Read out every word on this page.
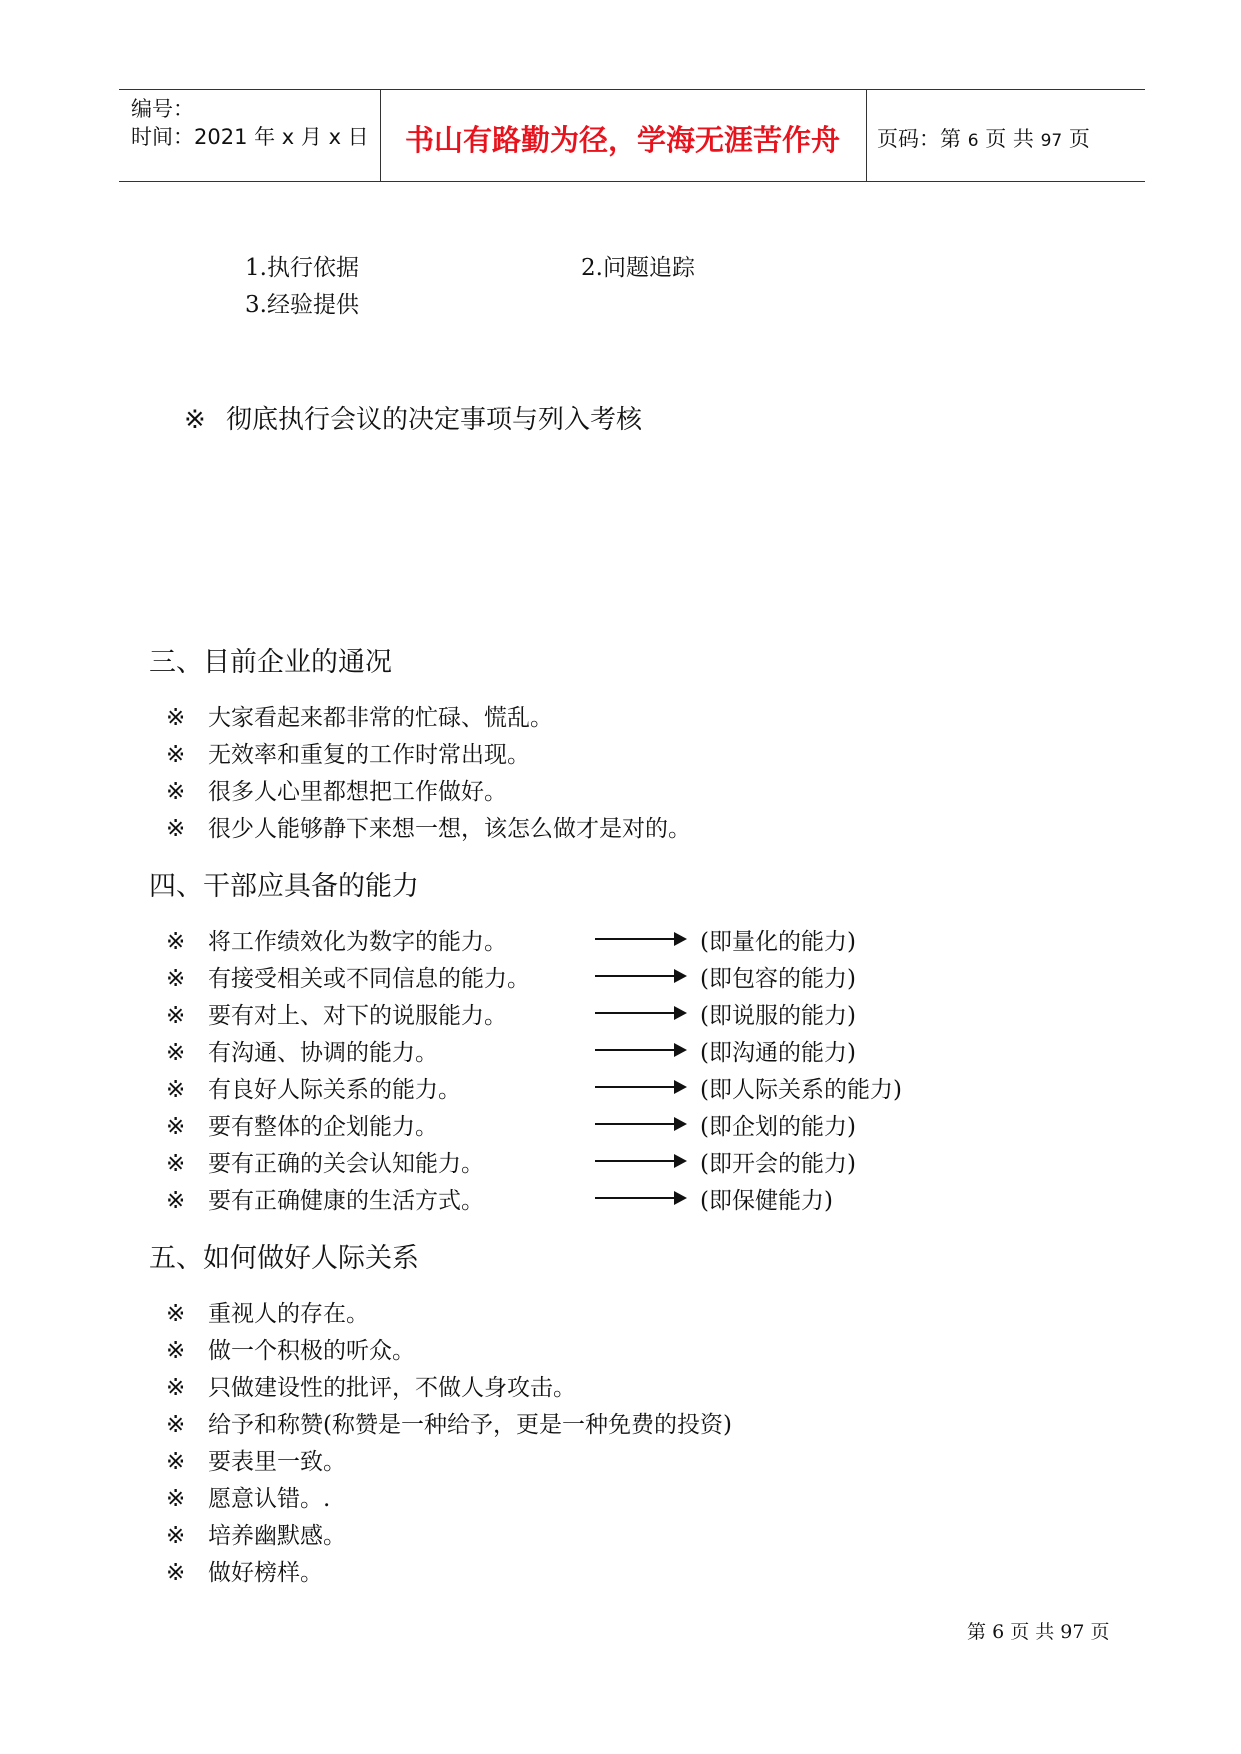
编号：
时间：2021 年 x 月 x 日 书山有路勤为径，学海无涯苦作舟 页码：第 6 页 共 97 页
1.执行依据	2.问题追踪
3.经验提供
※ 彻底执行会议的决定事项与列入考核
三、目前企业的通况
※ 大家看起来都非常的忙碌、慌乱。
※ 无效率和重复的工作时常出现。
※ 很多人心里都想把工作做好。
※ 很少人能够静下来想一想，该怎么做才是对的。
四、干部应具备的能力
※ 将工作绩效化为数字的能力。	(即量化的能力)
※ 有接受相关或不同信息的能力。	(即包容的能力)
※ 要有对上、对下的说服能力。	(即说服的能力)
※ 有沟通、协调的能力。	(即沟通的能力)
※ 有良好人际关系的能力。	(即人际关系的能力)
※ 要有整体的企划能力。	(即企划的能力)
※ 要有正确的关会认知能力。	(即开会的能力)
※ 要有正确健康的生活方式。	(即保健能力)
五、如何做好人际关系
※ 重视人的存在。
※ 做一个积极的听众。
※ 只做建设性的批评，不做人身攻击。
※ 给予和称赞(称赞是一种给予，更是一种免费的投资)
※ 要表里一致。
※ 愿意认错。.
※ 培养幽默感。
※ 做好榜样。
第 6 页 共 97 页
